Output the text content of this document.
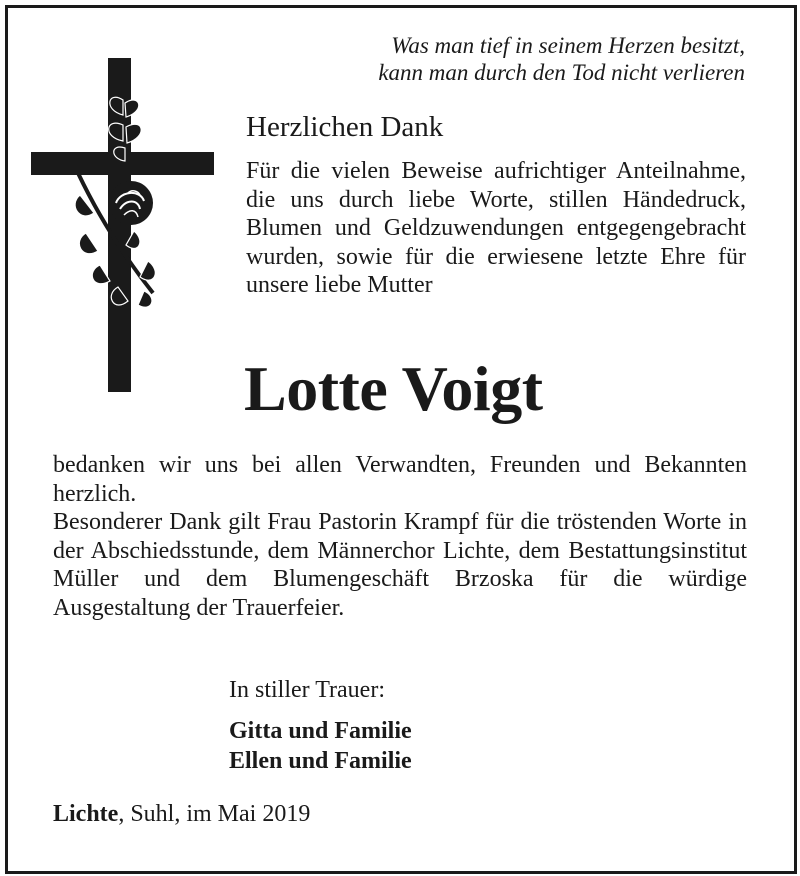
Was man tief in seinem Herzen besitzt,
kann man durch den Tod nicht verlieren
Herzlichen Dank
Für die vielen Beweise aufrichtiger Anteilnahme, die uns durch liebe Worte, stillen Händedruck, Blumen und Geldzuwendungen entgegengebracht wurden, sowie für die erwiesene letzte Ehre für unsere liebe Mutter
Lotte Voigt

bedanken wir uns bei allen Verwandten, Freunden und Bekannten herzlich.

Besonderer Dank gilt Frau Pastorin Krampf für die tröstenden Worte in der Abschiedsstunde, dem Männerchor Lichte, dem Bestattungsinstitut Müller und dem Blumengeschäft Brzoska für die würdige Ausgestaltung der Trauerfeier.

In stiller Trauer:
Gitta und Familie
Ellen und Familie
Lichte, Suhl, im Mai 2019
